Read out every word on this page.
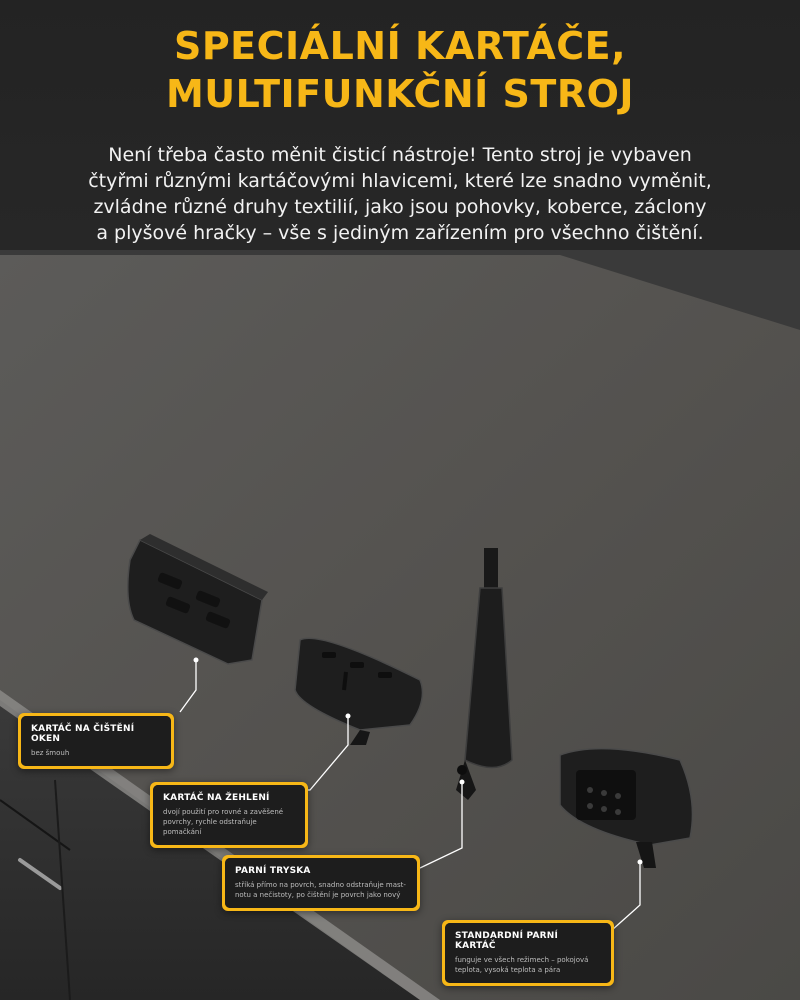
SPECIÁLNÍ KARTÁČE,
MULTIFUNKČNÍ STROJ

Není třeba často měnit čisticí nástroje! Tento stroj je vybaven
čtyřmi různými kartáčovými hlavicemi, které lze snadno vyměnit,
zvládne různé druhy textilií, jako jsou pohovky, koberce, záclony
a plyšové hračky – vše s jediným zařízením pro všechno čištění.

KARTÁČ NA ČIŠTĚNÍ OKEN
bez šmouh
KARTÁČ NA ŽEHLENÍ
dvojí použití pro rovné a zavěšené
povrchy, rychle odstraňuje
pomačkání
PARNÍ TRYSKA
stříká přímo na povrch, snadno odstraňuje mast-
notu a nečistoty, po čištění je povrch jako nový
STANDARDNÍ PARNÍ KARTÁČ
funguje ve všech režimech – pokojová
teplota, vysoká teplota a pára
